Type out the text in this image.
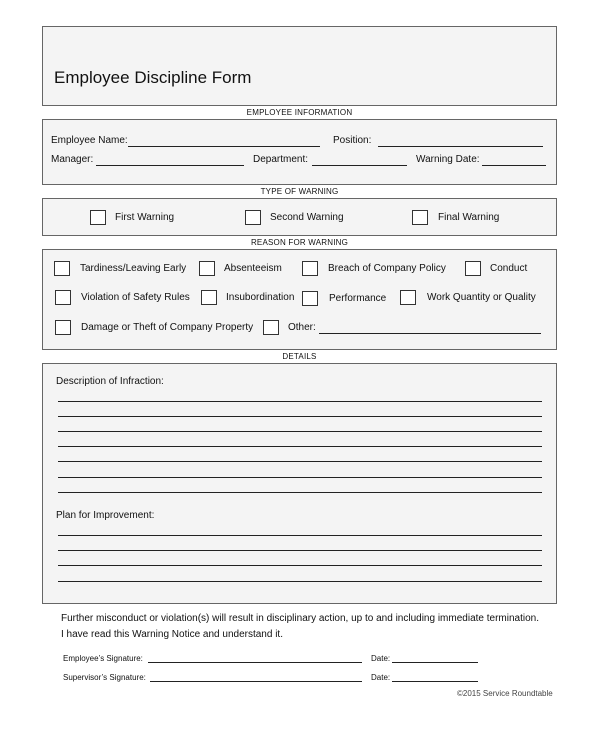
Employee Discipline Form
EMPLOYEE INFORMATION
Employee Name:	Position:
Manager:	Department:	Warning Date:
TYPE OF WARNING
First Warning	Second Warning	Final Warning
REASON FOR WARNING
Tardiness/Leaving Early	Absenteeism	Breach of Company Policy	Conduct
Violation of Safety Rules	Insubordination	Performance	Work Quantity or Quality
Damage or Theft of Company Property	Other:
DETAILS
Description of Infraction:
Plan for Improvement:
Further misconduct or violation(s) will result in disciplinary action, up to and including immediate termination.
I have read this Warning Notice and understand it.
Employee’s Signature:	Date:
Supervisor’s Signature:	Date:
©2015 Service Roundtable
